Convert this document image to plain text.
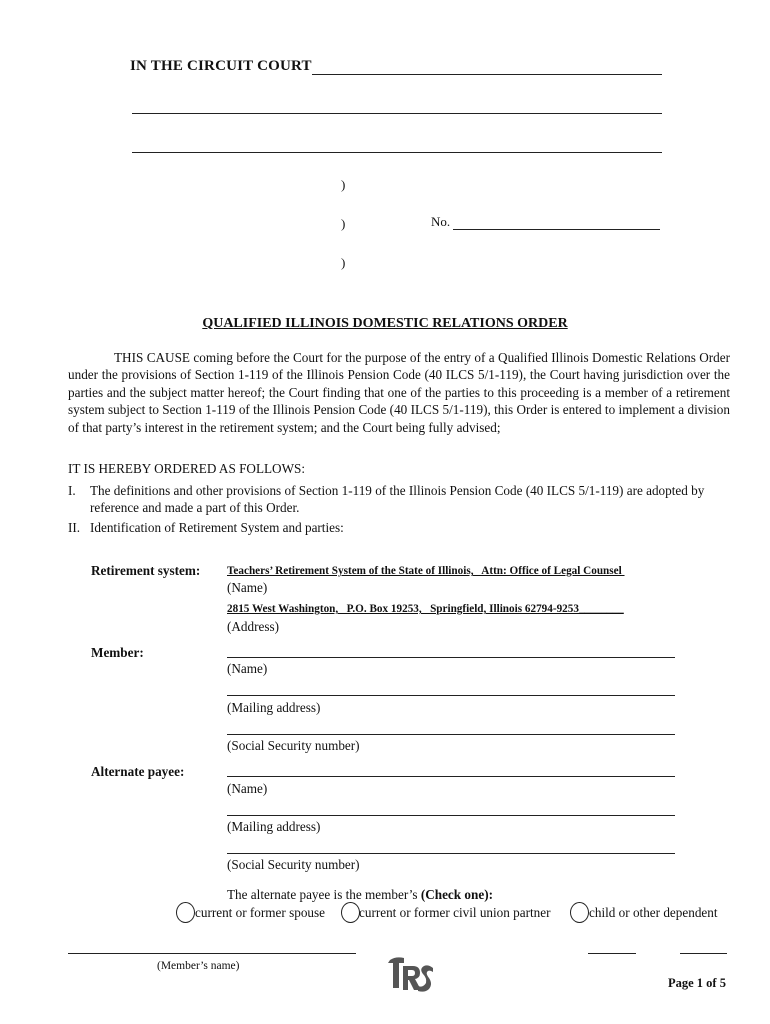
IN THE CIRCUIT COURT
)
)
)
No.
QUALIFIED ILLINOIS DOMESTIC RELATIONS ORDER

THIS CAUSE coming before the Court for the purpose of the entry of a Qualified Illinois Domestic Relations Order under the provisions of Section 1-119 of the Illinois Pension Code (40 ILCS 5/1-119), the Court having jurisdiction over the parties and the subject matter hereof; the Court finding that one of the parties to this proceeding is a member of a retirement system subject to Section 1-119 of the Illinois Pension Code (40 ILCS 5/1-119), this Order is entered to implement a division of that party’s interest in the retirement system; and the Court being fully advised;

IT IS HEREBY ORDERED AS FOLLOWS:
I. The definitions and other provisions of Section 1-119 of the Illinois Pension Code (40 ILCS 5/1-119) are adopted by reference and made a part of this Order.
II. Identification of Retirement System and parties:
Retirement system: Teachers’ Retirement System of the State of Illinois,   Attn: Office of Legal Counsel
(Name)
2815 West Washington,   P.O. Box 19253,   Springfield, Illinois 62794-9253________
(Address)
Member:
(Name)
(Mailing address)
(Social Security number)
Alternate payee:
(Name)
(Mailing address)
(Social Security number)
The alternate payee is the member’s (Check one):
current or former spouse	current or former civil union partner	child or other dependent
(Member’s name)
Page 1 of 5
